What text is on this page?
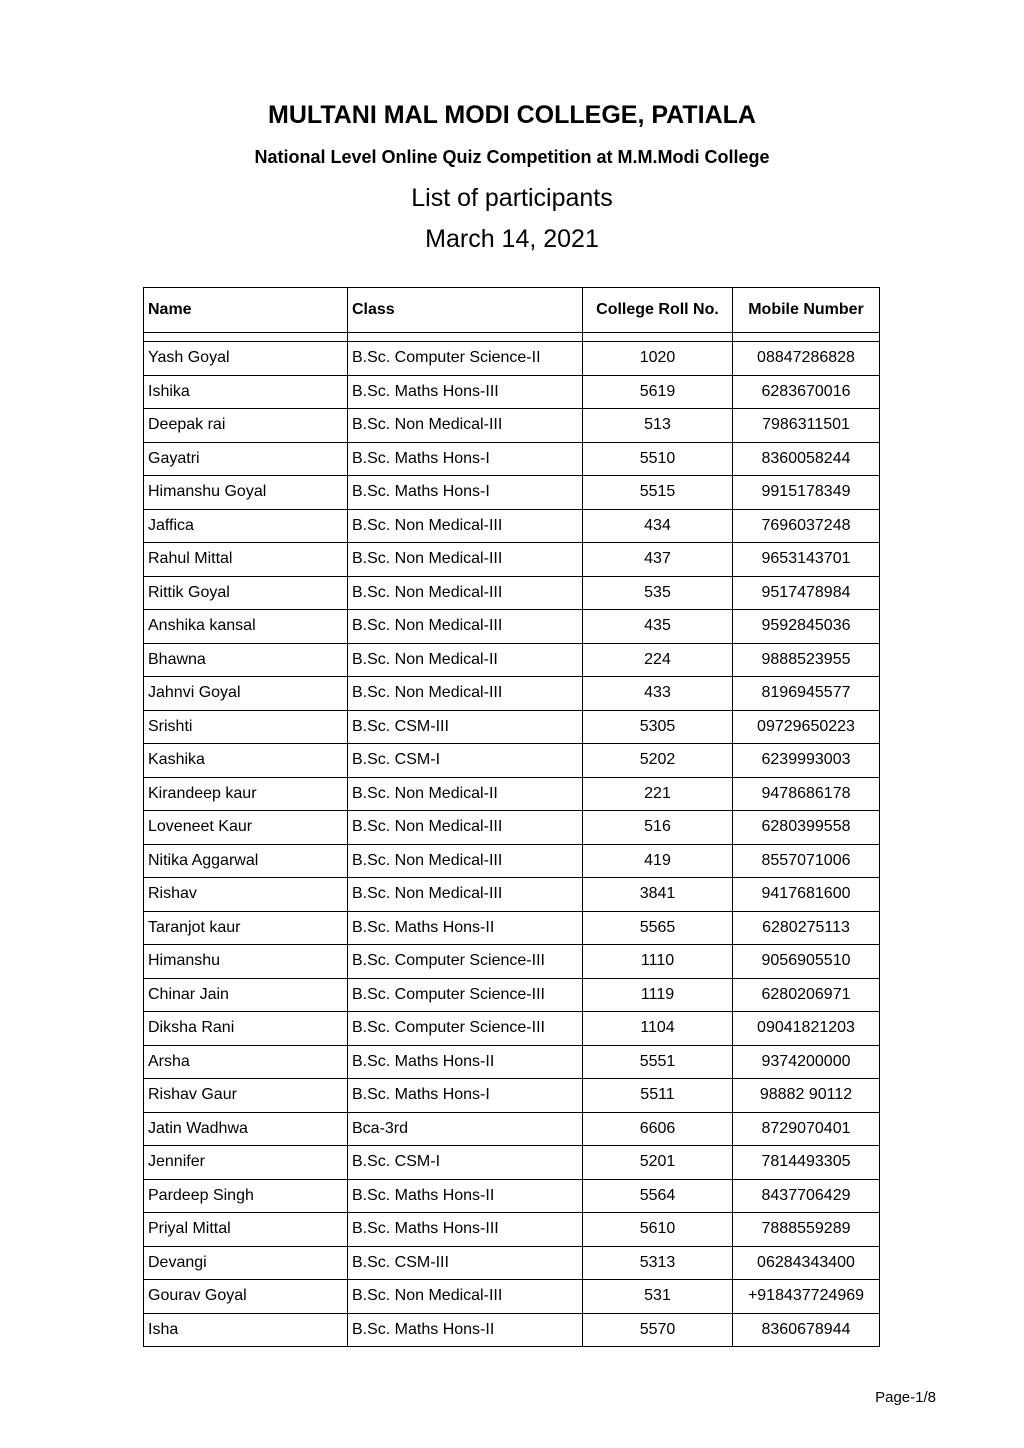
MULTANI MAL MODI COLLEGE, PATIALA
National Level Online Quiz Competition at M.M.Modi College
List of participants
March 14, 2021
Name	Class	College Roll No.	Mobile Number

Yash Goyal	B.Sc. Computer Science-II	1020	08847286828
Ishika	B.Sc. Maths Hons-III	5619	6283670016
Deepak rai	B.Sc. Non Medical-III	513	7986311501
Gayatri	B.Sc. Maths Hons-I	5510	8360058244
Himanshu Goyal	B.Sc. Maths Hons-I	5515	9915178349
Jaffica	B.Sc. Non Medical-III	434	7696037248
Rahul Mittal	B.Sc. Non Medical-III	437	9653143701
Rittik Goyal	B.Sc. Non Medical-III	535	9517478984
Anshika kansal	B.Sc. Non Medical-III	435	9592845036
Bhawna	B.Sc. Non Medical-II	224	9888523955
Jahnvi Goyal	B.Sc. Non Medical-III	433	8196945577
Srishti	B.Sc. CSM-III	5305	09729650223
Kashika	B.Sc. CSM-I	5202	6239993003
Kirandeep kaur	B.Sc. Non Medical-II	221	9478686178
Loveneet Kaur	B.Sc. Non Medical-III	516	6280399558
Nitika Aggarwal	B.Sc. Non Medical-III	419	8557071006
Rishav	B.Sc. Non Medical-III	3841	9417681600
Taranjot kaur	B.Sc. Maths Hons-II	5565	6280275113
Himanshu	B.Sc. Computer Science-III	1110	9056905510
Chinar Jain	B.Sc. Computer Science-III	1119	6280206971
Diksha Rani	B.Sc. Computer Science-III	1104	09041821203
Arsha	B.Sc. Maths Hons-II	5551	9374200000
Rishav Gaur	B.Sc. Maths Hons-I	5511	98882 90112
Jatin Wadhwa	Bca-3rd	6606	8729070401
Jennifer	B.Sc. CSM-I	5201	7814493305
Pardeep Singh	B.Sc. Maths Hons-II	5564	8437706429
Priyal Mittal	B.Sc. Maths Hons-III	5610	7888559289
Devangi	B.Sc. CSM-III	5313	06284343400
Gourav Goyal	B.Sc. Non Medical-III	531	+918437724969
Isha	B.Sc. Maths Hons-II	5570	8360678944
Page-1/8
